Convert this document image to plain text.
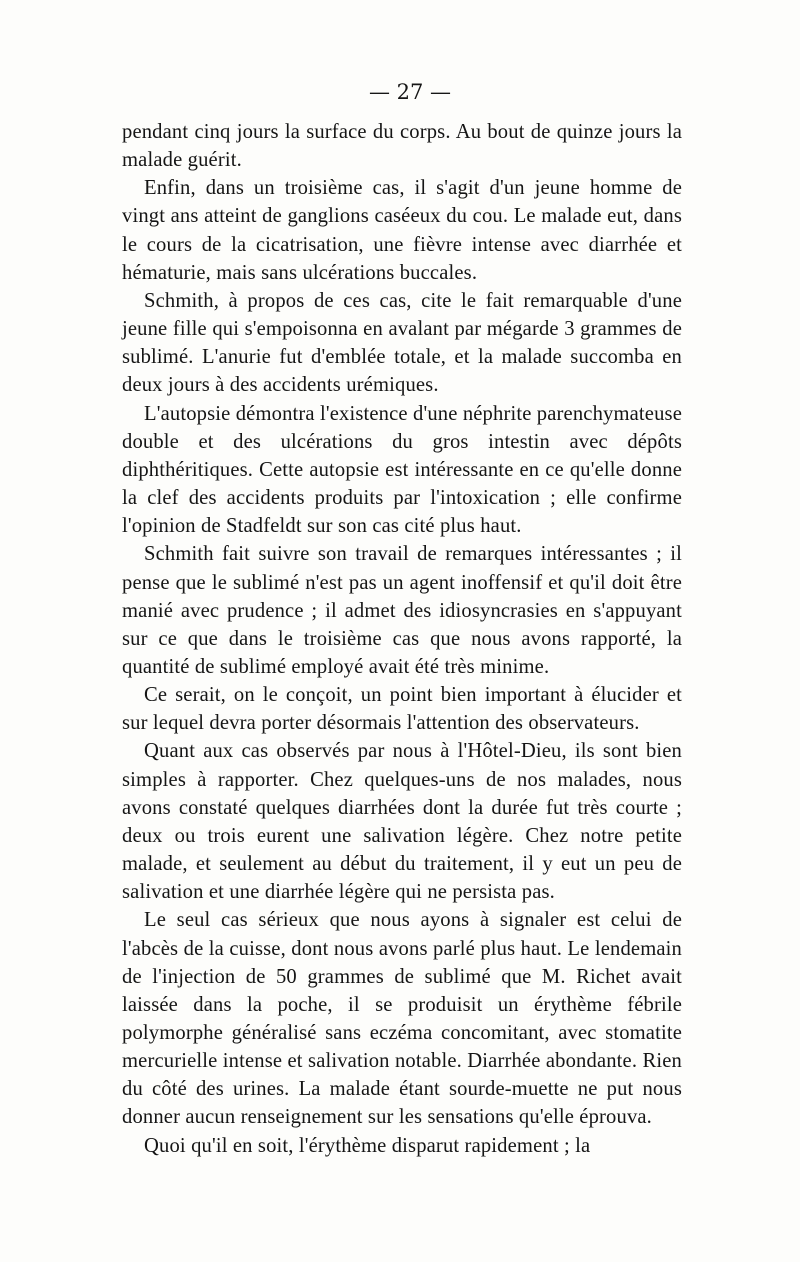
— 27 —

pendant cinq jours la surface du corps. Au bout de quinze jours la malade guérit.

Enfin, dans un troisième cas, il s'agit d'un jeune homme de vingt ans atteint de ganglions caséeux du cou. Le malade eut, dans le cours de la cicatrisation, une fièvre intense avec diarrhée et hématurie, mais sans ulcérations buccales.

Schmith, à propos de ces cas, cite le fait remarquable d'une jeune fille qui s'empoisonna en avalant par mégarde 3 grammes de sublimé. L'anurie fut d'emblée totale, et la malade succomba en deux jours à des accidents urémiques.

L'autopsie démontra l'existence d'une néphrite parenchymateuse double et des ulcérations du gros intestin avec dépôts diphthéritiques. Cette autopsie est intéressante en ce qu'elle donne la clef des accidents produits par l'intoxication ; elle confirme l'opinion de Stadfeldt sur son cas cité plus haut.

Schmith fait suivre son travail de remarques intéressantes ; il pense que le sublimé n'est pas un agent inoffensif et qu'il doit être manié avec prudence ; il admet des idiosyncrasies en s'appuyant sur ce que dans le troisième cas que nous avons rapporté, la quantité de sublimé employé avait été très minime.

Ce serait, on le conçoit, un point bien important à élucider et sur lequel devra porter désormais l'attention des observateurs.

Quant aux cas observés par nous à l'Hôtel-Dieu, ils sont bien simples à rapporter. Chez quelques-uns de nos malades, nous avons constaté quelques diarrhées dont la durée fut très courte ; deux ou trois eurent une salivation légère. Chez notre petite malade, et seulement au début du traitement, il y eut un peu de salivation et une diarrhée légère qui ne persista pas.

Le seul cas sérieux que nous ayons à signaler est celui de l'abcès de la cuisse, dont nous avons parlé plus haut. Le lendemain de l'injection de 50 grammes de sublimé que M. Richet avait laissée dans la poche, il se produisit un érythème fébrile polymorphe généralisé sans eczéma concomitant, avec stomatite mercurielle intense et salivation notable. Diarrhée abondante. Rien du côté des urines. La malade étant sourde-muette ne put nous donner aucun renseignement sur les sensations qu'elle éprouva.

Quoi qu'il en soit, l'érythème disparut rapidement ; la
